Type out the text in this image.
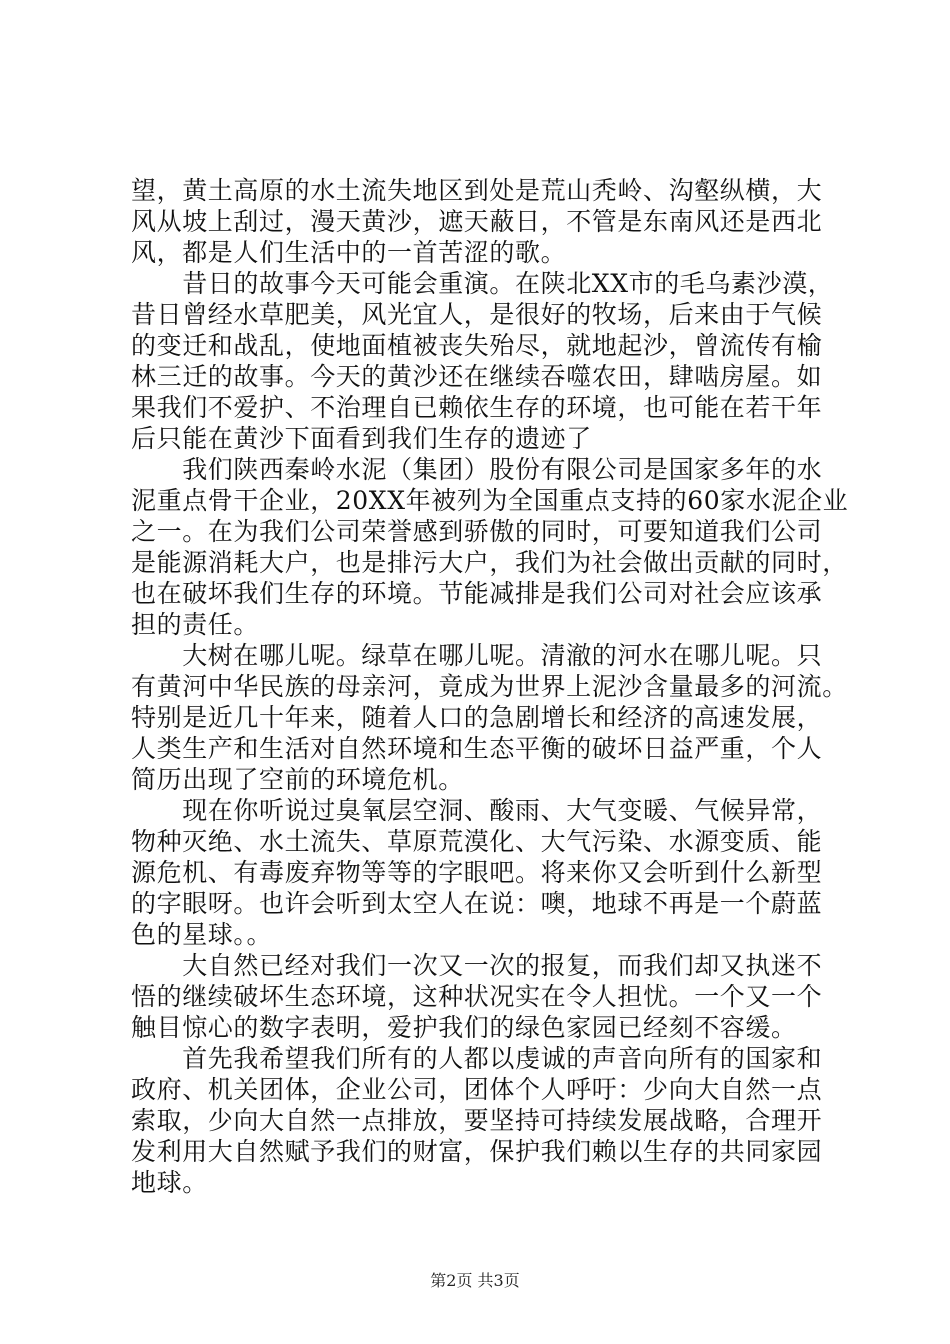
望，黄土高原的水土流失地区到处是荒山秃岭、沟壑纵横，大
风从坡上刮过，漫天黄沙，遮天蔽日，不管是东南风还是西北
风，都是人们生活中的一首苦涩的歌。
　　昔日的故事今天可能会重演。在陕北XX市的毛乌素沙漠，
昔日曾经水草肥美，风光宜人，是很好的牧场，后来由于气候
的变迁和战乱，使地面植被丧失殆尽，就地起沙，曾流传有榆
林三迁的故事。今天的黄沙还在继续吞噬农田，肆啮房屋。如
果我们不爱护、不治理自已赖依生存的环境，也可能在若干年
后只能在黄沙下面看到我们生存的遗迹了
　　我们陕西秦岭水泥（集团）股份有限公司是国家多年的水
泥重点骨干企业，20XX年被列为全国重点支持的60家水泥企业
之一。在为我们公司荣誉感到骄傲的同时，可要知道我们公司
是能源消耗大户，也是排污大户，我们为社会做出贡献的同时，
也在破坏我们生存的环境。节能减排是我们公司对社会应该承
担的责任。
　　大树在哪儿呢。绿草在哪儿呢。清澈的河水在哪儿呢。只
有黄河中华民族的母亲河，竟成为世界上泥沙含量最多的河流。
特别是近几十年来，随着人口的急剧增长和经济的高速发展，
人类生产和生活对自然环境和生态平衡的破坏日益严重，个人
简历出现了空前的环境危机。
　　现在你听说过臭氧层空洞、酸雨、大气变暖、气候异常，
物种灭绝、水土流失、草原荒漠化、大气污染、水源变质、能
源危机、有毒废弃物等等的字眼吧。将来你又会听到什么新型
的字眼呀。也许会听到太空人在说：噢，地球不再是一个蔚蓝
色的星球。。
　　大自然已经对我们一次又一次的报复，而我们却又执迷不
悟的继续破坏生态环境，这种状况实在令人担忧。一个又一个
触目惊心的数字表明，爱护我们的绿色家园已经刻不容缓。
　　首先我希望我们所有的人都以虔诚的声音向所有的国家和
政府、机关团体，企业公司，团体个人呼吁：少向大自然一点
索取，少向大自然一点排放，要坚持可持续发展战略，合理开
发利用大自然赋予我们的财富，保护我们赖以生存的共同家园
地球。
第2页 共3页
